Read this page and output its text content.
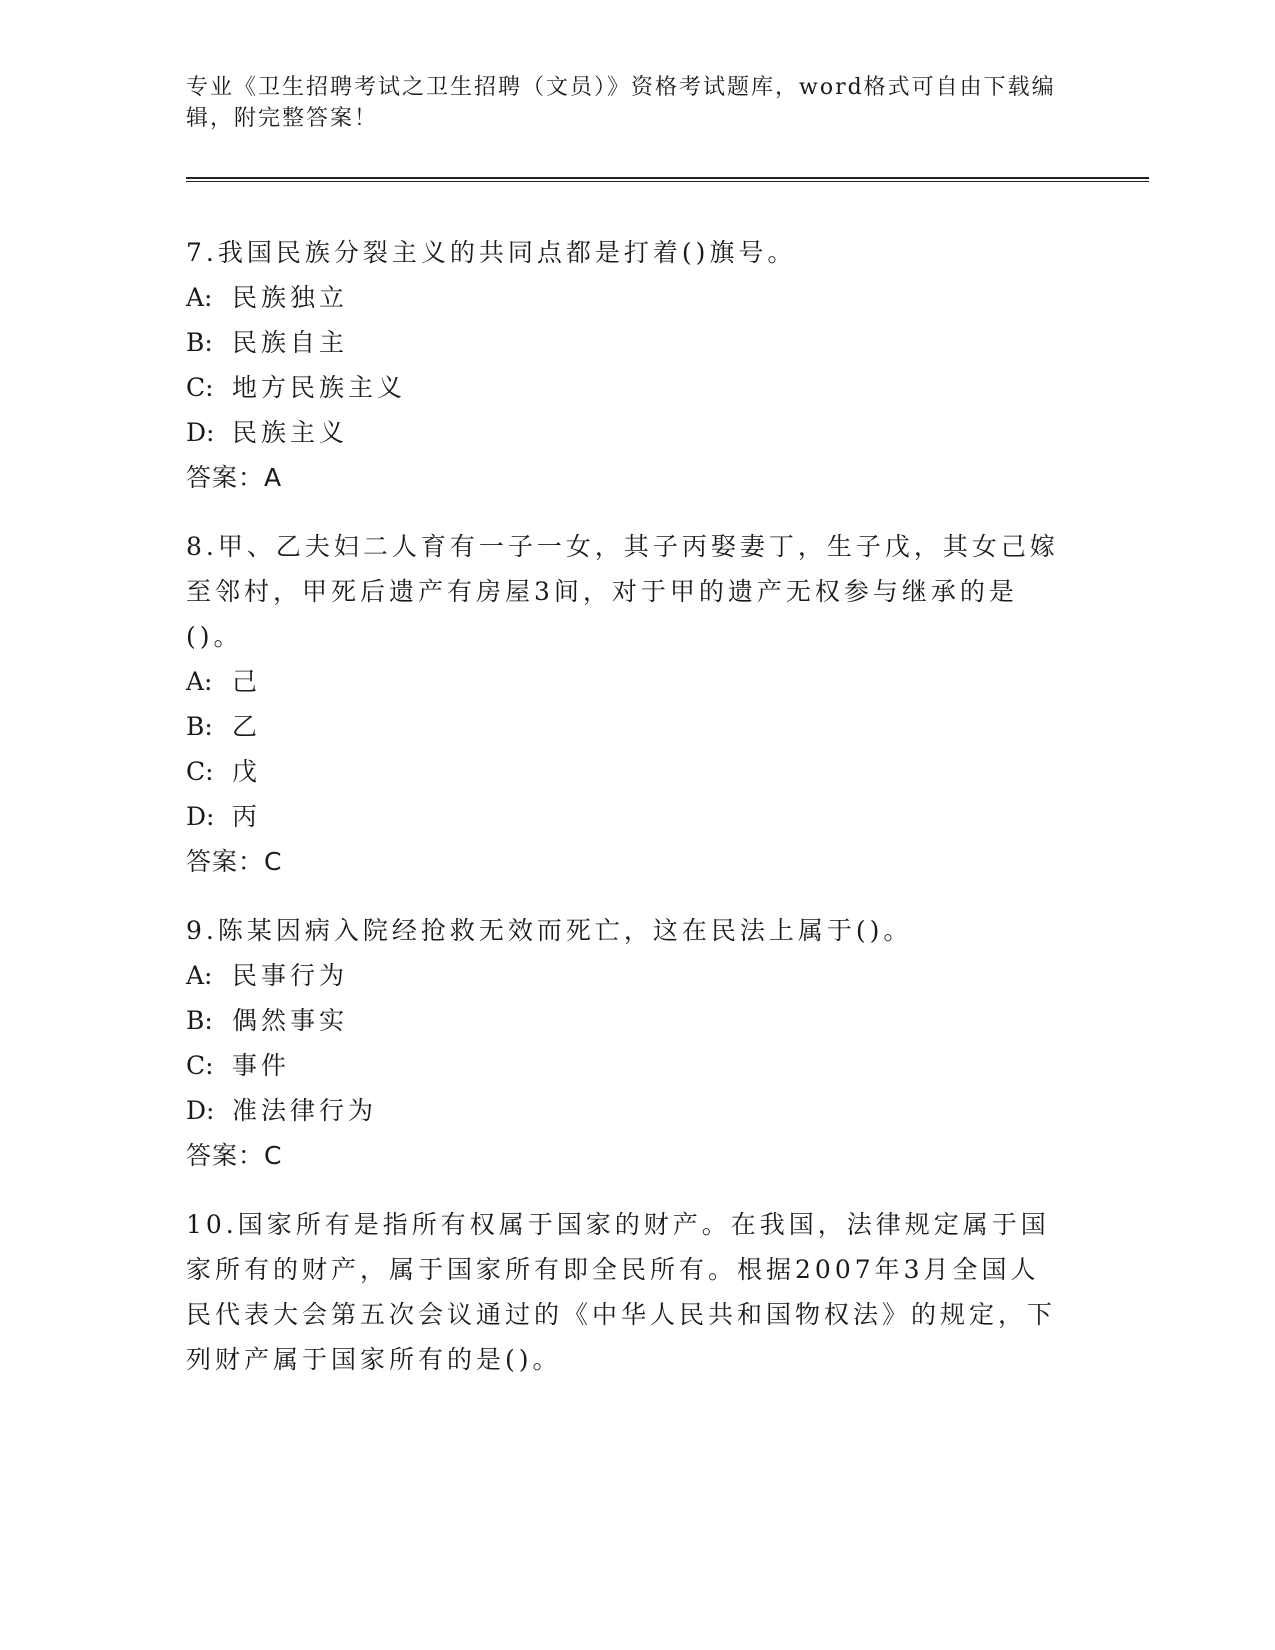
专业《卫生招聘考试之卫生招聘（文员）》资格考试题库，word格式可自由下载编辑，附完整答案！

7.我国民族分裂主义的共同点都是打着()旗号。

A: 民族独立

B: 民族自主

C: 地方民族主义

D: 民族主义

答案：A

8.甲、乙夫妇二人育有一子一女，其子丙娶妻丁，生子戊，其女己嫁至邻村，甲死后遗产有房屋3间，对于甲的遗产无权参与继承的是()。

A: 己

B: 乙

C: 戊

D: 丙

答案：C

9.陈某因病入院经抢救无效而死亡，这在民法上属于()。

A: 民事行为

B: 偶然事实

C: 事件

D: 准法律行为

答案：C

10.国家所有是指所有权属于国家的财产。在我国，法律规定属于国家所有的财产，属于国家所有即全民所有。根据2007年3月全国人民代表大会第五次会议通过的《中华人民共和国物权法》的规定，下列财产属于国家所有的是()。
